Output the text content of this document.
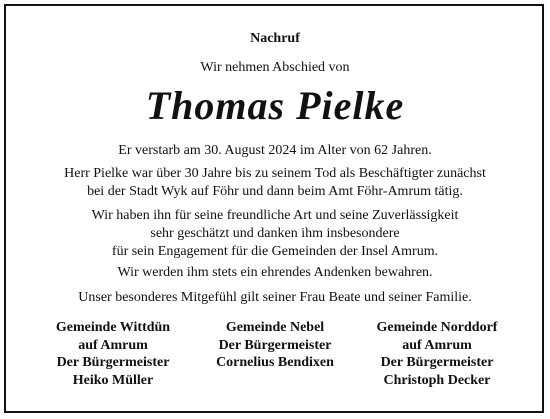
Nachruf
Wir nehmen Abschied von
Thomas Pielke
Er verstarb am 30. August 2024 im Alter von 62 Jahren.
Herr Pielke war über 30 Jahre bis zu seinem Tod als Beschäftigter zunächst
bei der Stadt Wyk auf Föhr und dann beim Amt Föhr-Amrum tätig.
Wir haben ihn für seine freundliche Art und seine Zuverlässigkeit
sehr geschätzt und danken ihm insbesondere
für sein Engagement für die Gemeinden der Insel Amrum.
Wir werden ihm stets ein ehrendes Andenken bewahren.
Unser besonderes Mitgefühl gilt seiner Frau Beate und seiner Familie.
Gemeinde Wittdün
auf Amrum
Der Bürgermeister
Heiko Müller
Gemeinde Nebel
Der Bürgermeister
Cornelius Bendixen
Gemeinde Norddorf
auf Amrum
Der Bürgermeister
Christoph Decker
